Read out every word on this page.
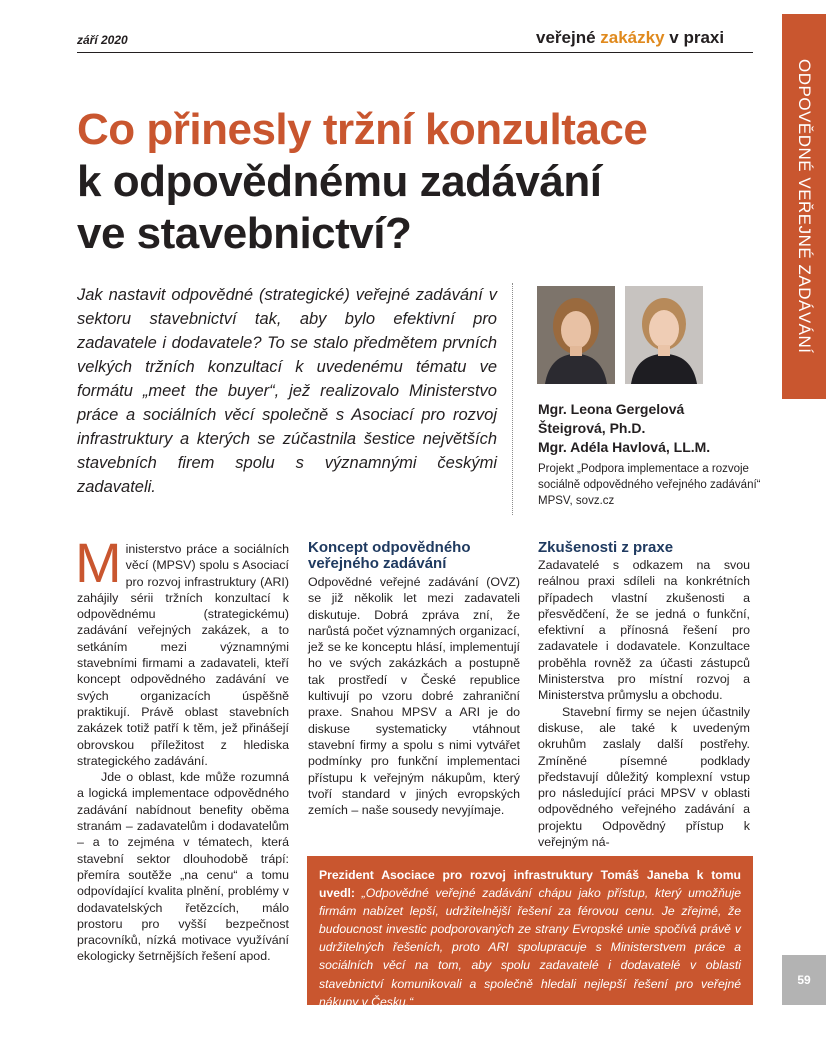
září 2020	veřejné zakázky v praxi
ODPOVĚDNÉ VEŘEJNÉ ZADÁVÁNÍ
Co přinesly tržní konzultace
k odpovědnému zadávání
ve stavebnictví?
Jak nastavit odpovědné (strategické) veřejné zadávání v sektoru stavebnictví tak, aby bylo efektivní pro zadavatele i dodavatele? To se stalo předmětem prvních velkých tržních konzultací k uvedenému tématu ve formátu „meet the buyer“, jež realizovalo Ministerstvo práce a sociálních věcí společně s Asociací pro rozvoj infrastruktury a kterých se zúčastnila šestice největších stavebních firem spolu s významnými českými zadavateli.
Mgr. Leona Gergelová
Šteigrová, Ph.D.
Mgr. Adéla Havlová, LL.M.
Projekt „Podpora implementace a rozvoje sociálně odpovědného veřejného zadávání“ MPSV, sovz.cz

Ministerstvo práce a sociálních věcí (MPSV) spolu s Asociací pro rozvoj infrastruktury (ARI) zahájily sérii tržních konzultací k odpovědnému (strategickému) zadávání veřejných zakázek, a to setkáním mezi významnými stavebními firmami a zadavateli, kteří koncept odpovědného zadávání ve svých organizacích úspěšně praktikují. Právě oblast stavebních zakázek totiž patří k těm, jež přinášejí obrovskou příležitost z hlediska strategického zadávání.

Jde o oblast, kde může rozumná a logická implementace odpovědného zadávání nabídnout benefity oběma stranám – zadavatelům i dodavatelům – a to zejména v tématech, která stavební sektor dlouhodobě trápí: přemíra soutěže „na cenu“ a tomu odpovídající kvalita plnění, problémy v dodavatelských řetězcích, málo prostoru pro vyšší bezpečnost pracovníků, nízká motivace využívání ekologicky šetrnějších řešení apod.

Koncept odpovědného veřejného zadávání

Odpovědné veřejné zadávání (OVZ) se již několik let mezi zadavateli diskutuje. Dobrá zpráva zní, že narůstá počet významných organizací, jež se ke konceptu hlásí, implementují ho ve svých zakázkách a postupně tak prostředí v České republice kultivují po vzoru dobré zahraniční praxe. Snahou MPSV a ARI je do diskuse systematicky vtáhnout stavební firmy a spolu s nimi vytvářet podmínky pro funkční implementaci přístupu k veřejným nákupům, který tvoří standard v jiných evropských zemích – naše sousedy nevyjímaje.

Zkušenosti z praxe

Zadavatelé s odkazem na svou reálnou praxi sdíleli na konkrétních případech vlastní zkušenosti a přesvědčení, že se jedná o funkční, efektivní a přínosná řešení pro zadavatele i dodavatele. Konzultace proběhla rovněž za účasti zástupců Ministerstva pro místní rozvoj a Ministerstva průmyslu a obchodu.

Stavební firmy se nejen účastnily diskuse, ale také k uvedeným okruhům zaslaly další postřehy. Zmíněné písemné podklady představují důležitý komplexní vstup pro následující práci MPSV v oblasti odpovědného veřejného zadávání a projektu Odpovědný přístup k veřejným ná-

Prezident Asociace pro rozvoj infrastruktury Tomáš Janeba k tomu uvedl: „Odpovědné veřejné zadávání chápu jako přístup, který umožňuje firmám nabízet lepší, udržitelnější řešení za férovou cenu. Je zřejmé, že budoucnost investic podporovaných ze strany Evropské unie spočívá právě v udržitelných řešeních, proto ARI spolupracuje s Ministerstvem práce a sociálních věcí na tom, aby spolu zadavatelé i dodavatelé v oblasti stavebnictví komunikovali a společně hledali nejlepší řešení pro veřejné nákupy v Česku.“
59
